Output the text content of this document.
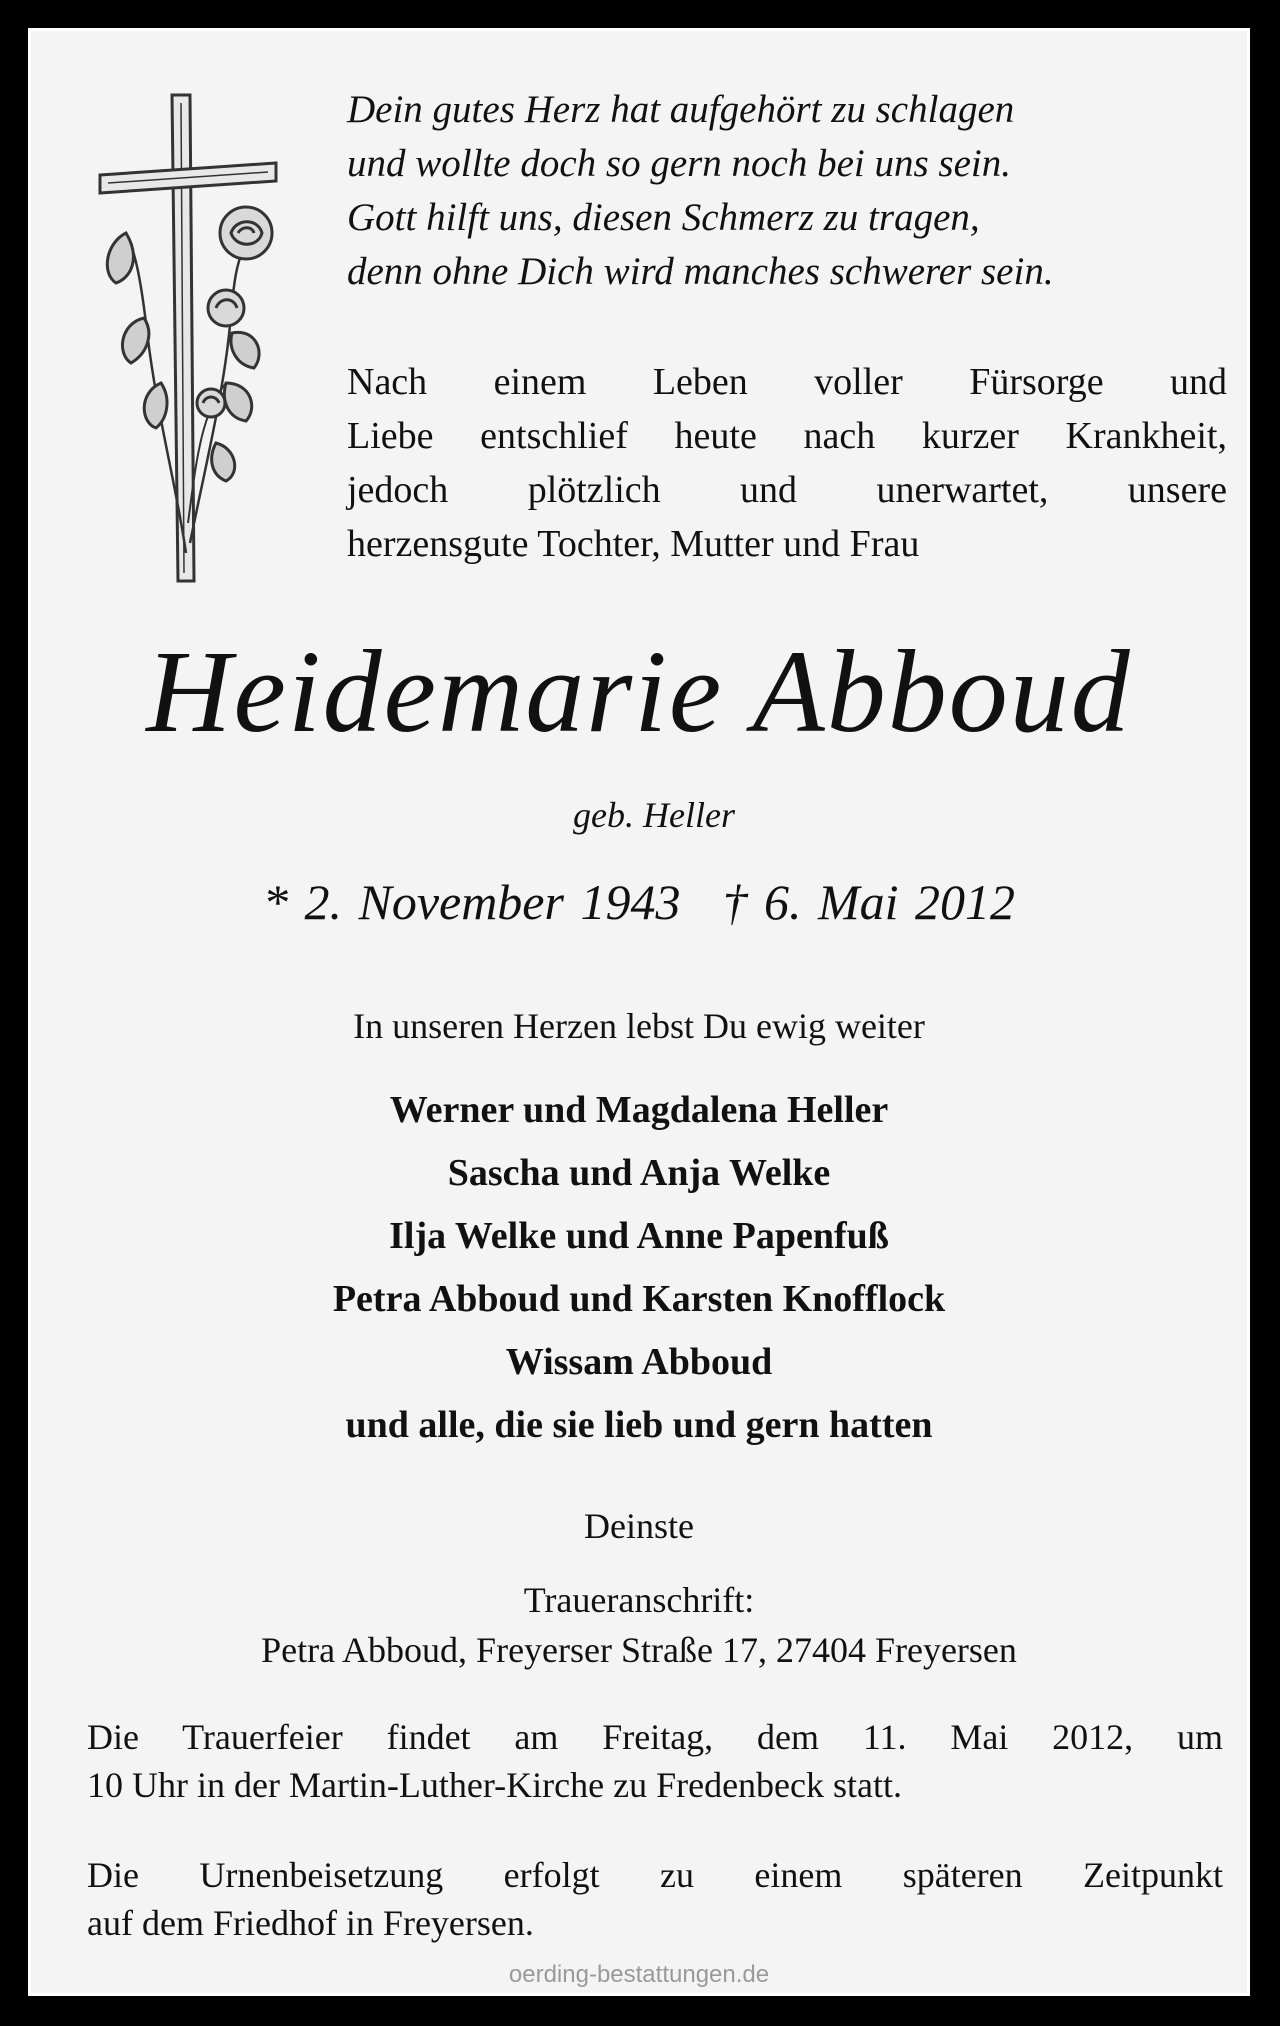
Dein gutes Herz hat aufgehört zu schlagen
und wollte doch so gern noch bei uns sein.
Gott hilft uns, diesen Schmerz zu tragen,
denn ohne Dich wird manches schwerer sein.
Nach einem Leben voller Fürsorge und
Liebe entschlief heute nach kurzer Krankheit,
jedoch plötzlich und unerwartet, unsere
herzensgute Tochter, Mutter und Frau
Heidemarie Abboud
geb. Heller
* 2. November 1943 † 6. Mai 2012
In unseren Herzen lebst Du ewig weiter
Werner und Magdalena Heller
Sascha und Anja Welke
Ilja Welke und Anne Papenfuß
Petra Abboud und Karsten Knofflock
Wissam Abboud
und alle, die sie lieb und gern hatten
Deinste
Traueranschrift:
Petra Abboud, Freyerser Straße 17, 27404 Freyersen
Die Trauerfeier findet am Freitag, dem 11. Mai 2012, um
10 Uhr in der Martin-Luther-Kirche zu Fredenbeck statt.
Die Urnenbeisetzung erfolgt zu einem späteren Zeitpunkt
auf dem Friedhof in Freyersen.
oerding-bestattungen.de
